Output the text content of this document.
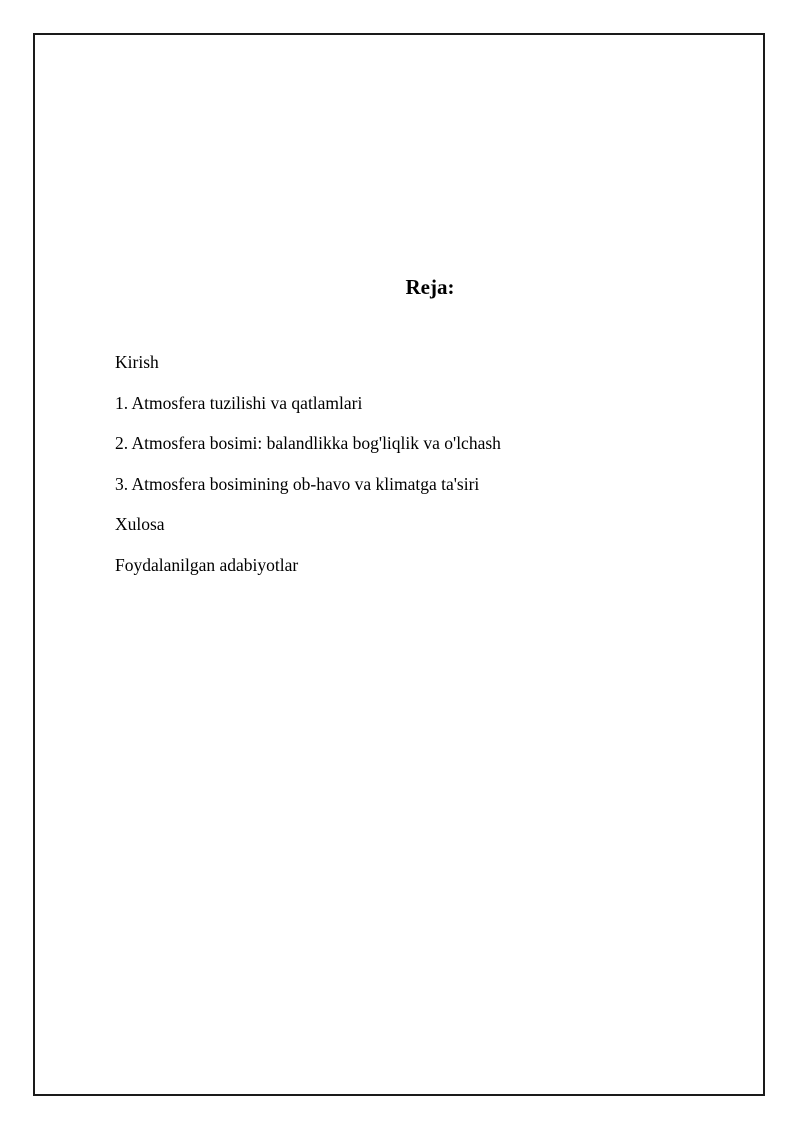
Reja:
Kirish
1. Atmosfera tuzilishi va qatlamlari
2. Atmosfera bosimi: balandlikka bog'liqlik va o'lchash
3. Atmosfera bosimining ob-havo va klimatga ta'siri
Xulosa
Foydalanilgan adabiyotlar
